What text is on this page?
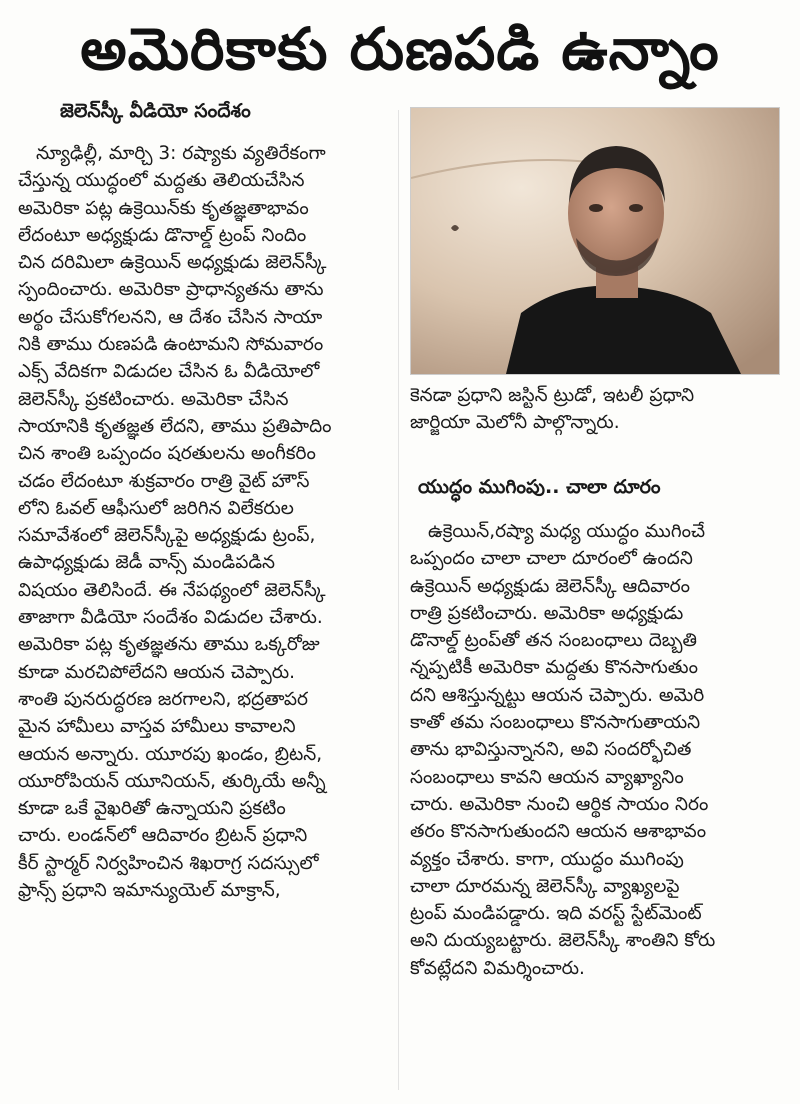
అమెరికాకు రుణపడి ఉన్నాం
జెలెన్‌స్కీ వీడియో సందేశం

న్యూఢిల్లీ, మార్చి 3: రష్యాకు వ్యతిరేకంగా

చేస్తున్న యుద్ధంలో మద్దతు తెలియచేసిన

అమెరికా పట్ల ఉక్రెయిన్‌కు కృతజ్ఞతాభావం

లేదంటూ అధ్యక్షుడు డొనాల్డ్ ట్రంప్ నిందిం

చిన దరిమిలా ఉక్రెయిన్ అధ్యక్షుడు జెలెన్‌స్కీ

స్పందించారు. అమెరికా ప్రాధాన్యతను తాను

అర్థం చేసుకోగలనని, ఆ దేశం చేసిన సాయా

నికి తాము రుణపడి ఉంటామని సోమవారం

ఎక్స్ వేదికగా విడుదల చేసిన ఓ వీడియోలో

జెలెన్‌స్కీ ప్రకటించారు. అమెరికా చేసిన

సాయానికి కృతజ్ఞత లేదని, తాము ప్రతిపాదిం

చిన శాంతి ఒప్పందం షరతులను అంగీకరిం

చడం లేదంటూ శుక్రవారం రాత్రి వైట్ హౌస్

లోని ఓవల్ ఆఫీసులో జరిగిన విలేకరుల

సమావేశంలో జెలెన్‌స్కీపై అధ్యక్షుడు ట్రంప్,

ఉపాధ్యక్షుడు జెడీ వాన్స్ మండిపడిన

విషయం తెలిసిందే. ఈ నేపథ్యంలో జెలెన్‌స్కీ

తాజాగా వీడియో సందేశం విడుదల చేశారు.

అమెరికా పట్ల కృతజ్ఞతను తాము ఒక్కరోజు

కూడా మరచిపోలేదని ఆయన చెప్పారు.

శాంతి పునరుద్ధరణ జరగాలని, భద్రతాపర

మైన హామీలు వాస్తవ హామీలు కావాలని

ఆయన అన్నారు. యూరపు ఖండం, బ్రిటన్,

యూరోపియన్ యూనియన్, తుర్కియే అన్నీ

కూడా ఒకే వైఖరితో ఉన్నాయని ప్రకటిం

చారు. లండన్‌లో ఆదివారం బ్రిటన్ ప్రధాని

కీర్ స్టార్మర్ నిర్వహించిన శిఖరాగ్ర సదస్సులో

ఫ్రాన్స్ ప్రధాని ఇమాన్యుయెల్ మాక్రాన్,

కెనడా ప్రధాని జస్టిన్ ట్రుడో, ఇటలీ ప్రధాని

జార్జియా మెలోనీ పాల్గొన్నారు.

యుద్ధం ముగింపు.. చాలా దూరం

ఉక్రెయిన్,రష్యా మధ్య యుద్ధం ముగించే

ఒప్పందం చాలా చాలా దూరంలో ఉందని

ఉక్రెయిన్ అధ్యక్షుడు జెలెన్‌స్కీ ఆదివారం

రాత్రి ప్రకటించారు. అమెరికా అధ్యక్షుడు

డొనాల్డ్ ట్రంప్‌తో తన సంబంధాలు దెబ్బతి

న్నప్పటికీ అమెరికా మద్దతు కొనసాగుతుం

దని ఆశిస్తున్నట్టు ఆయన చెప్పారు. అమెరి

కాతో తమ సంబంధాలు కొనసాగుతాయని

తాను భావిస్తున్నానని, అవి సందర్భోచిత

సంబంధాలు కావని ఆయన వ్యాఖ్యానిం

చారు. అమెరికా నుంచి ఆర్థిక సాయం నిరం

తరం కొనసాగుతుందని ఆయన ఆశాభావం

వ్యక్తం చేశారు. కాగా, యుద్ధం ముగింపు

చాలా దూరమన్న జెలెన్‌స్కీ వ్యాఖ్యలపై

ట్రంప్ మండిపడ్డారు. ఇది వరస్ట్ స్టేట్‌మెంట్

అని దుయ్యబట్టారు. జెలెన్‌స్కీ శాంతిని కోరు

కోవట్లేదని విమర్శించారు.
